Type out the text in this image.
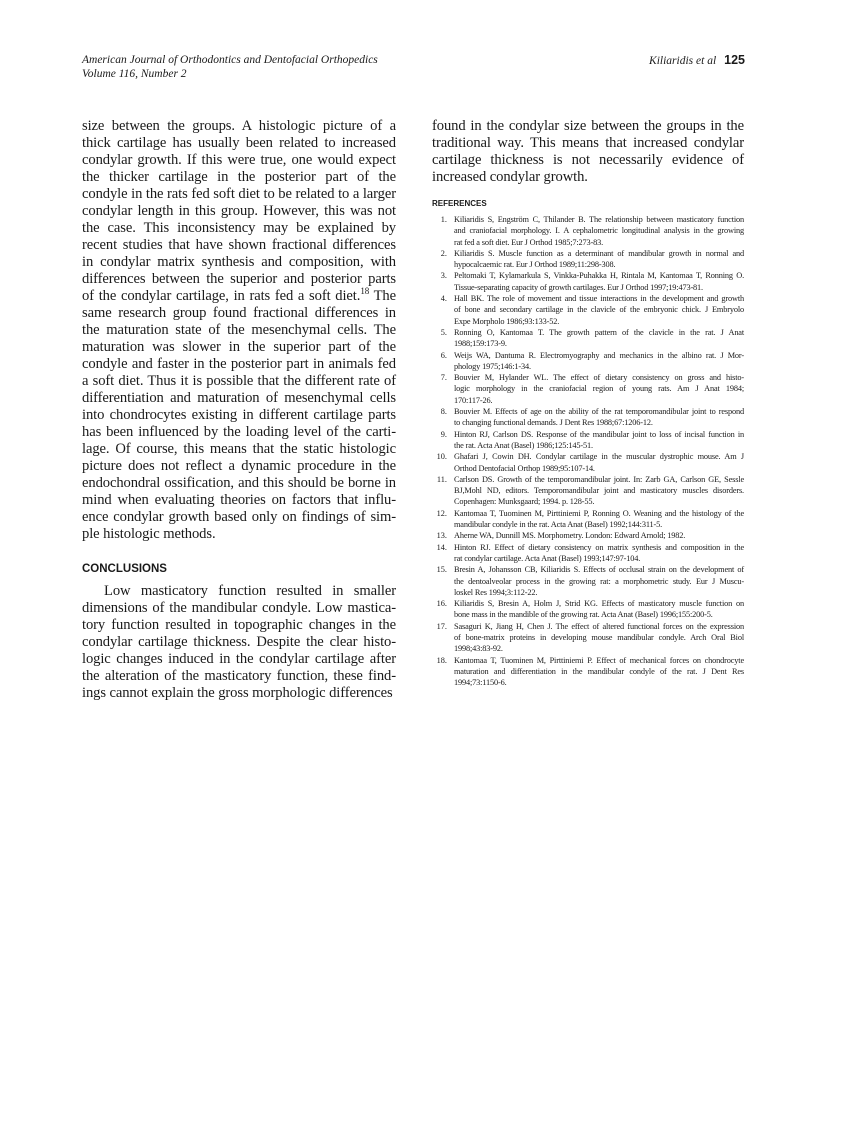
American Journal of Orthodontics and Dentofacial Orthopedics
Volume 116, Number 2
Kiliaridis et al 125
size between the groups. A histologic picture of a
thick cartilage has usually been related to increased
condylar growth. If this were true, one would expect
the thicker cartilage in the posterior part of the
condyle in the rats fed soft diet to be related to a larger
condylar length in this group. However, this was not
the case. This inconsistency may be explained by
recent studies that have shown fractional differences
in condylar matrix synthesis and composition, with
differences between the superior and posterior parts
of the condylar cartilage, in rats fed a soft diet.$^{18}$ The
same research group found fractional differences in
the maturation state of the mesenchymal cells. The
maturation was slower in the superior part of the
condyle and faster in the posterior part in animals fed
a soft diet. Thus it is possible that the different rate of
differentiation and maturation of mesenchymal cells
into chondrocytes existing in different cartilage parts
has been influenced by the loading level of the carti-
lage. Of course, this means that the static histologic
picture does not reflect a dynamic procedure in the
endochondral ossification, and this should be borne in
mind when evaluating theories on factors that influ-
ence condylar growth based only on findings of sim-
ple histologic methods.
CONCLUSIONS
Low masticatory function resulted in smaller
dimensions of the mandibular condyle. Low mastica-
tory function resulted in topographic changes in the
condylar cartilage thickness. Despite the clear histo-
logic changes induced in the condylar cartilage after
the alteration of the masticatory function, these find-
ings cannot explain the gross morphologic differences
found in the condylar size between the groups in the
traditional way. This means that increased condylar
cartilage thickness is not necessarily evidence of
increased condylar growth.
REFERENCES
1. Kiliaridis S, Engström C, Thilander B. The relationship between masticatory function
and craniofacial morphology. I. A cephalometric longitudinal analysis in the growing
rat fed a soft diet. Eur J Orthod 1985;7:273-83.
2. Kiliaridis S. Muscle function as a determinant of mandibular growth in normal and
hypocalcaemic rat. Eur J Orthod 1989;11:298-308.
3. Peltomaki T, Kylamarkula S, Vinkka-Puhakka H, Rintala M, Kantomaa T, Ronning O.
Tissue-separating capacity of growth cartilages. Eur J Orthod 1997;19:473-81.
4. Hall BK. The role of movement and tissue interactions in the development and growth
of bone and secondary cartilage in the clavicle of the embryonic chick. J Embryolo
Expe Morpholo 1986;93:133-52.
5. Ronning O, Kantomaa T. The growth pattern of the clavicle in the rat. J Anat
1988;159:173-9.
6. Weijs WA, Dantuma R. Electromyography and mechanics in the albino rat. J Mor-
phology 1975;146:1-34.
7. Bouvier M, Hylander WL. The effect of dietary consistency on gross and histo-
logic morphology in the craniofacial region of young rats. Am J Anat 1984;
170:117-26.
8. Bouvier M. Effects of age on the ability of the rat temporomandibular joint to respond
to changing functional demands. J Dent Res 1988;67:1206-12.
9. Hinton RJ, Carlson DS. Response of the mandibular joint to loss of incisal function in
the rat. Acta Anat (Basel) 1986;125:145-51.
10. Ghafari J, Cowin DH. Condylar cartilage in the muscular dystrophic mouse. Am J
Orthod Dentofacial Orthop 1989;95:107-14.
11. Carlson DS. Growth of the temporomandibular joint. In: Zarb GA, Carlson GE, Sessle
BJ,Mohl ND, editors. Temporomandibular joint and masticatory muscles disorders.
Copenhagen: Munksgaard; 1994. p. 128-55.
12. Kantomaa T, Tuominen M, Pirttiniemi P, Ronning O. Weaning and the histology of the
mandibular condyle in the rat. Acta Anat (Basel) 1992;144:311-5.
13. Aherne WA, Dunnill MS. Morphometry. London: Edward Arnold; 1982.
14. Hinton RJ. Effect of dietary consistency on matrix synthesis and composition in the
rat condylar cartilage. Acta Anat (Basel) 1993;147:97-104.
15. Bresin A, Johansson CB, Kiliaridis S. Effects of occlusal strain on the development of
the dentoalveolar process in the growing rat: a morphometric study. Eur J Muscu-
loskel Res 1994;3:112-22.
16. Kiliaridis S, Bresin A, Holm J, Strid KG. Effects of masticatory muscle function on
bone mass in the mandible of the growing rat. Acta Anat (Basel) 1996;155:200-5.
17. Sasaguri K, Jiang H, Chen J. The effect of altered functional forces on the expression
of bone-matrix proteins in developing mouse mandibular condyle. Arch Oral Biol
1998;43:83-92.
18. Kantomaa T, Tuominen M, Pirttiniemi P. Effect of mechanical forces on chondrocyte
maturation and differentiation in the mandibular condyle of the rat. J Dent Res
1994;73:1150-6.
